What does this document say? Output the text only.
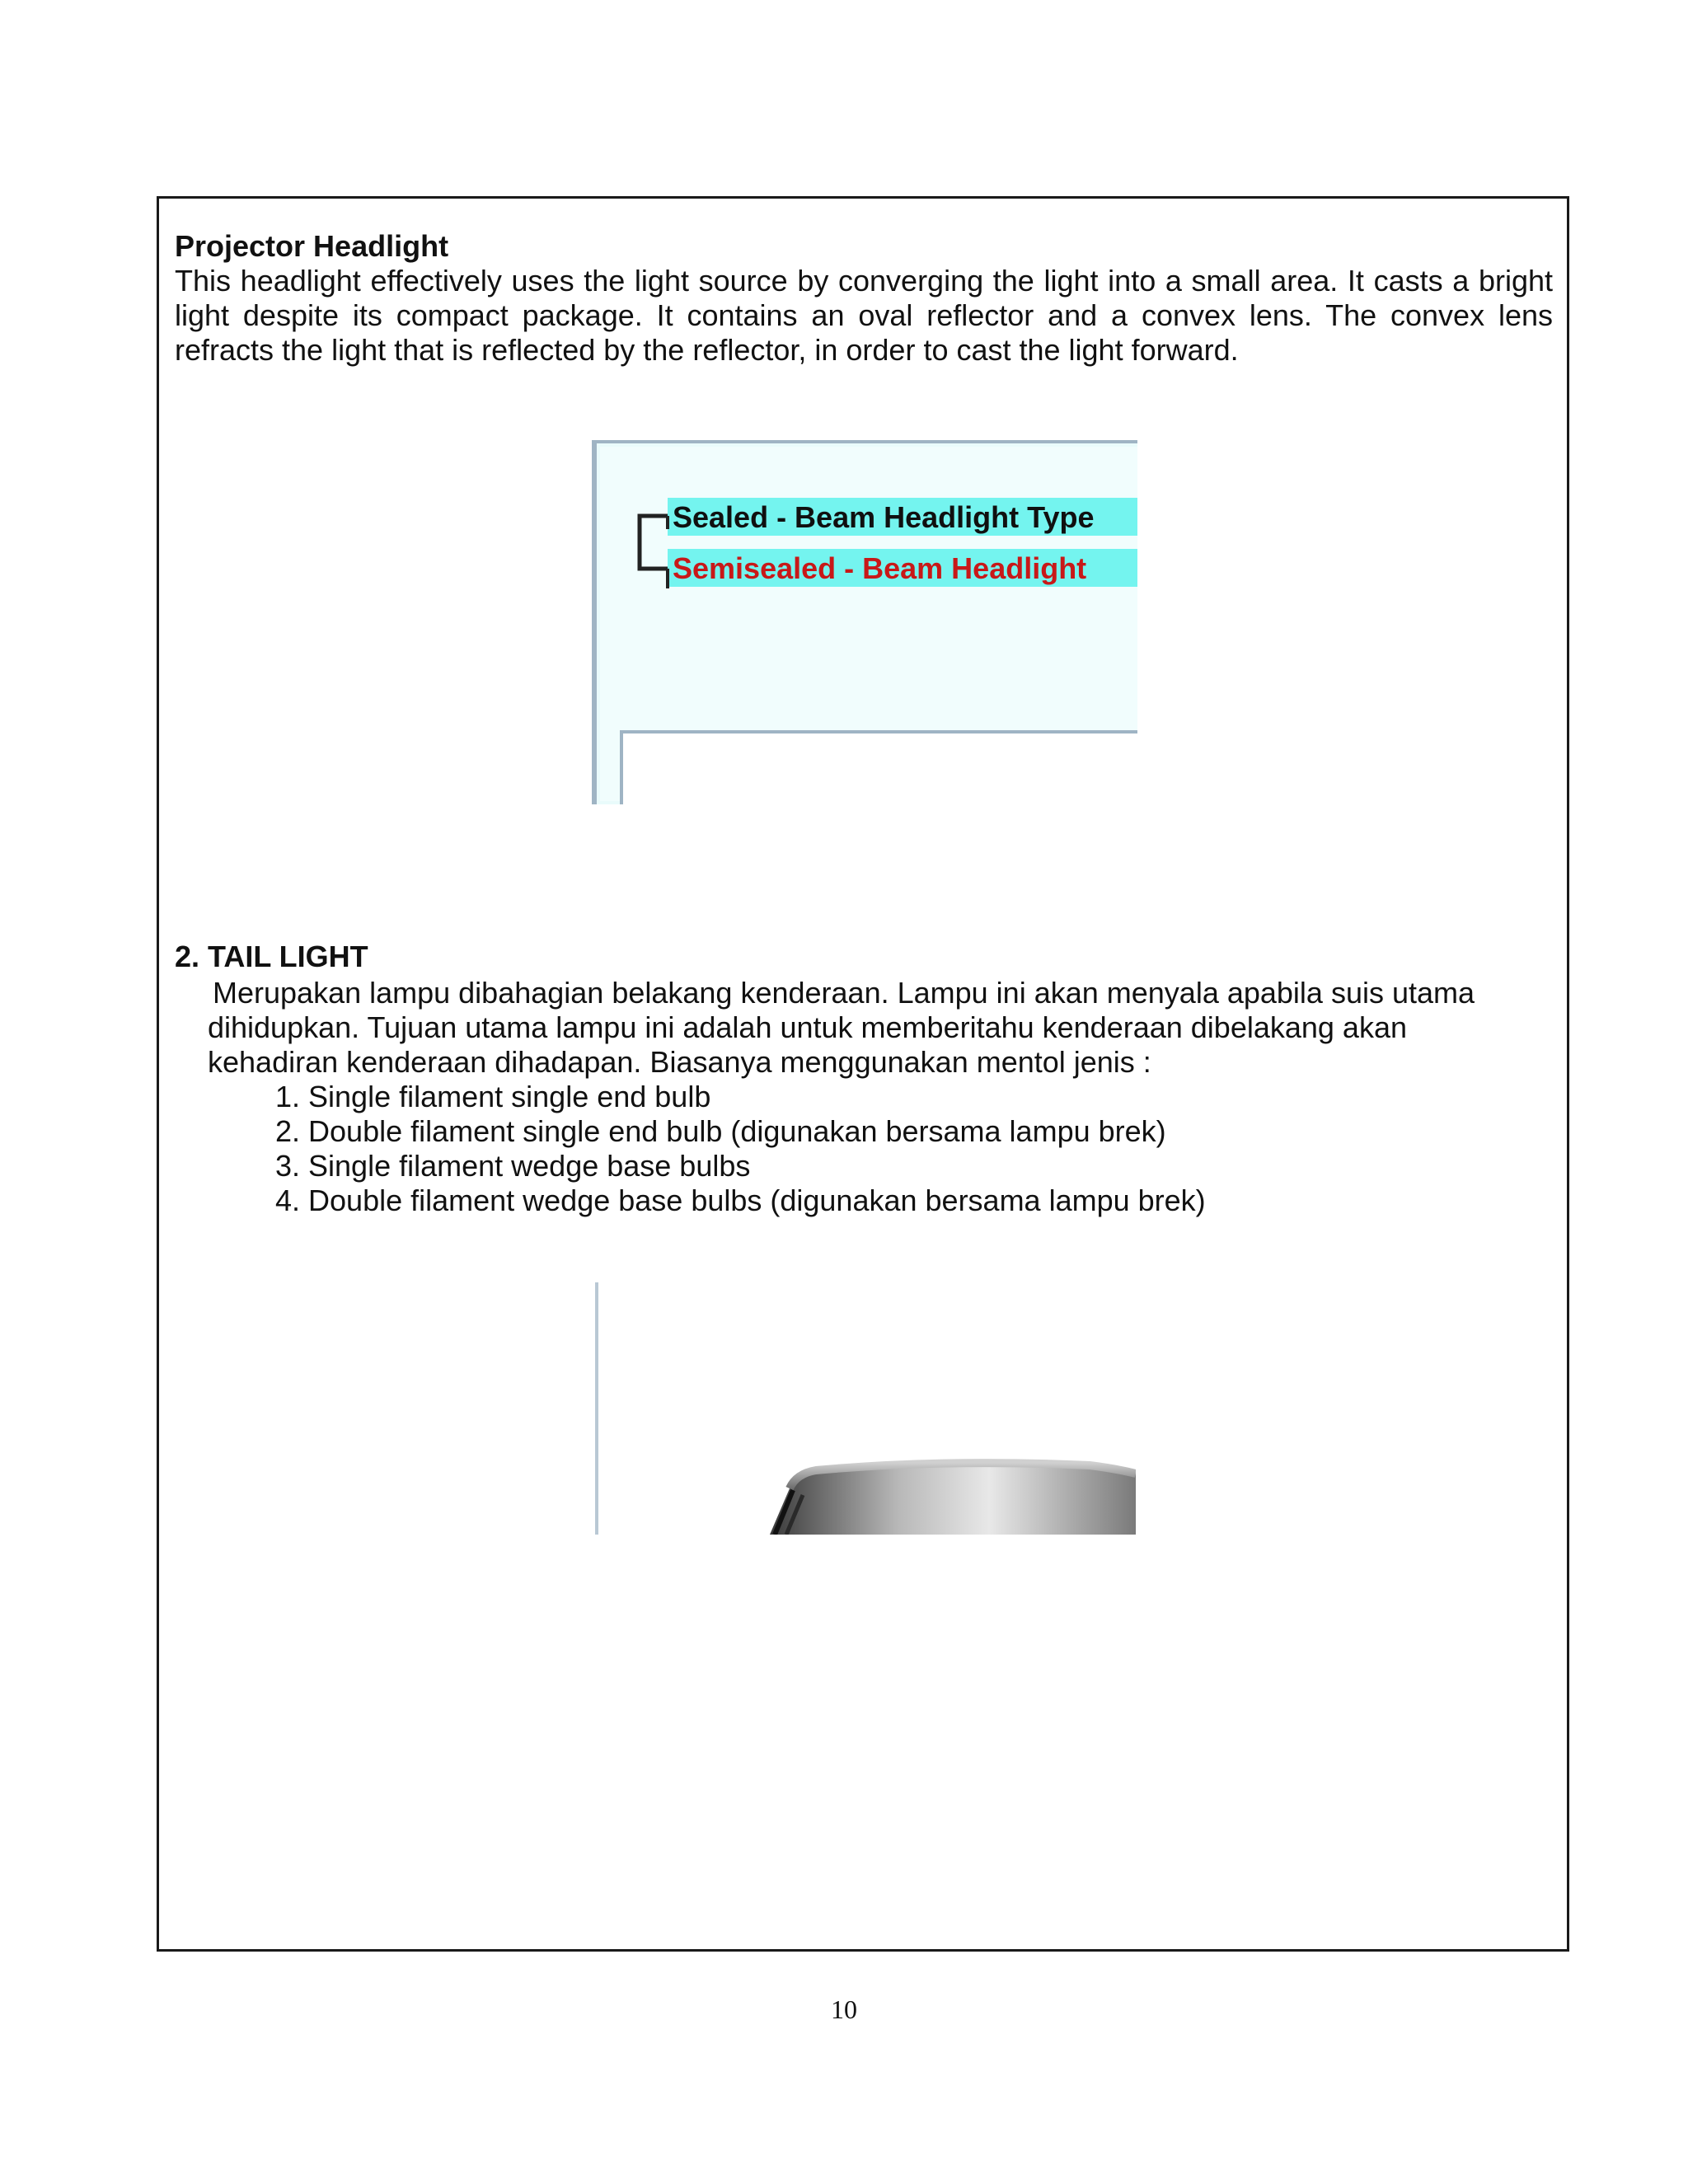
Projector Headlight
This headlight effectively uses the light source by converging the light into a small area. It casts a bright light despite its compact package. It contains an oval reflector and a convex lens. The convex lens refracts the light that is reflected by the reflector, in order to cast the light forward.
Sealed - Beam Headlight Type
Semisealed - Beam Headlight
2. TAIL LIGHT
Merupakan lampu dibahagian belakang kenderaan. Lampu ini akan menyala apabila suis utama
dihidupkan. Tujuan utama lampu ini adalah untuk memberitahu kenderaan dibelakang akan
kehadiran kenderaan dihadapan. Biasanya menggunakan mentol jenis :
1. Single filament single end bulb
2. Double filament single end bulb (digunakan bersama lampu brek)
3. Single filament wedge base bulbs
4. Double filament wedge base bulbs (digunakan bersama lampu brek)
10
